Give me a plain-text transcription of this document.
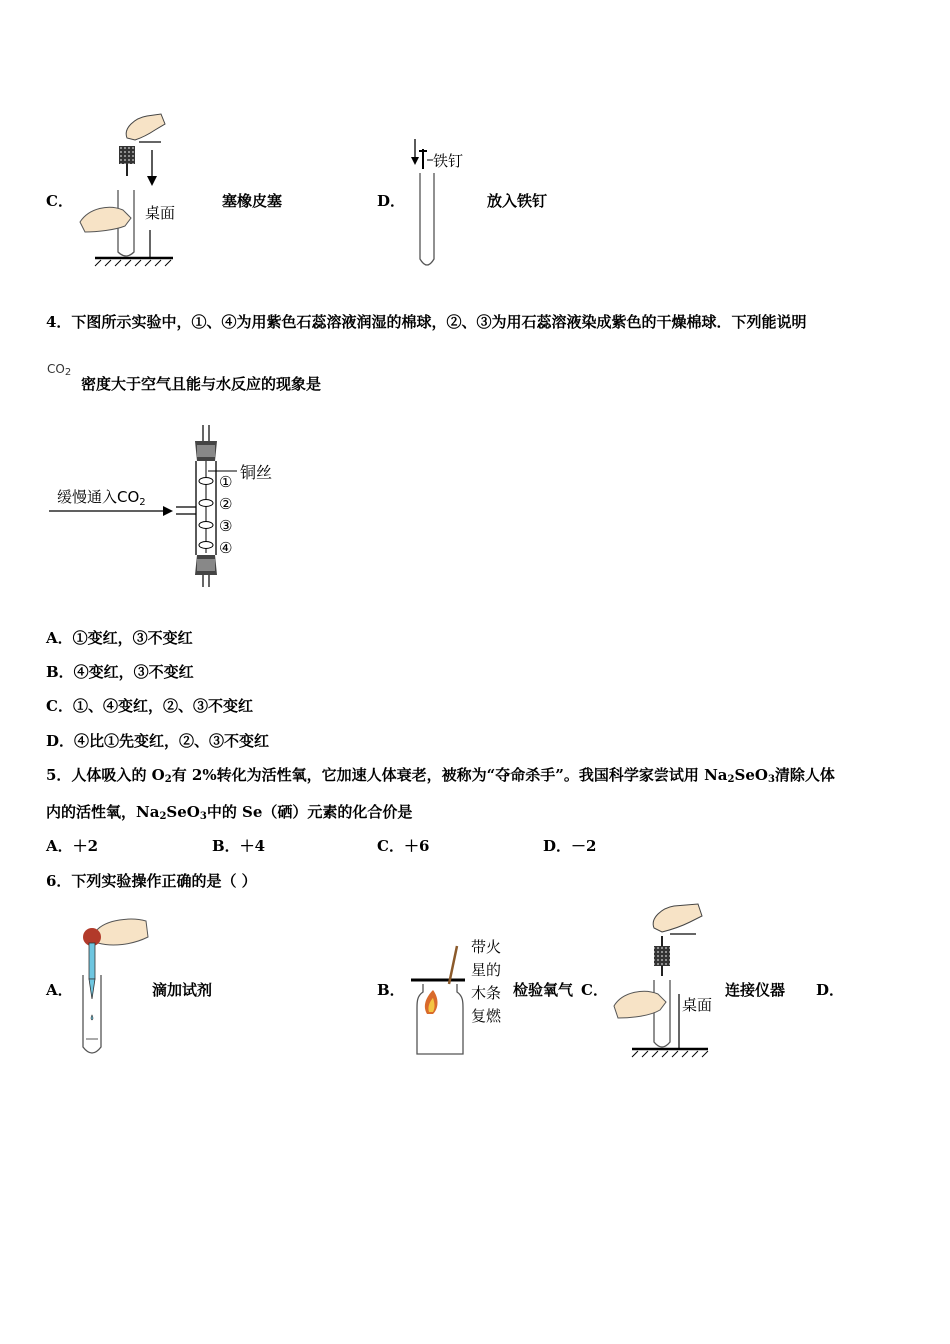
C．
桌面
塞橡皮塞	D．
铁钉
放入铁钉
4．下图所示实验中，①、④为用紫色石蕊溶液润湿的棉球，②、③为用石蕊溶液染成紫色的干燥棉球．下列能说明
$CO_2$
密度大于空气且能与水反应的现象是
缓慢通入$CO_2$
铜丝
①
②
③
④
A．①变红，③不变红
B．④变红，③不变红
C．①、④变红，②、③不变红
D．④比①先变红，②、③不变红
5．人体吸入的 $O_2$有 2%转化为活性氧，它加速人体衰老，被称为“夺命杀手”。我国科学家尝试用 $Na_2SeO_3$清除人体
内的活性氧，$Na_2SeO_3$中的 Se（硒）元素的化合价是
A．＋2	B．＋4	C．＋6	D．－2
6．下列实验操作正确的是（ ）
A．	滴加试剂	B．
带火
星的
木条
复燃
检验氧气 C．
桌面
连接仪器 D．
